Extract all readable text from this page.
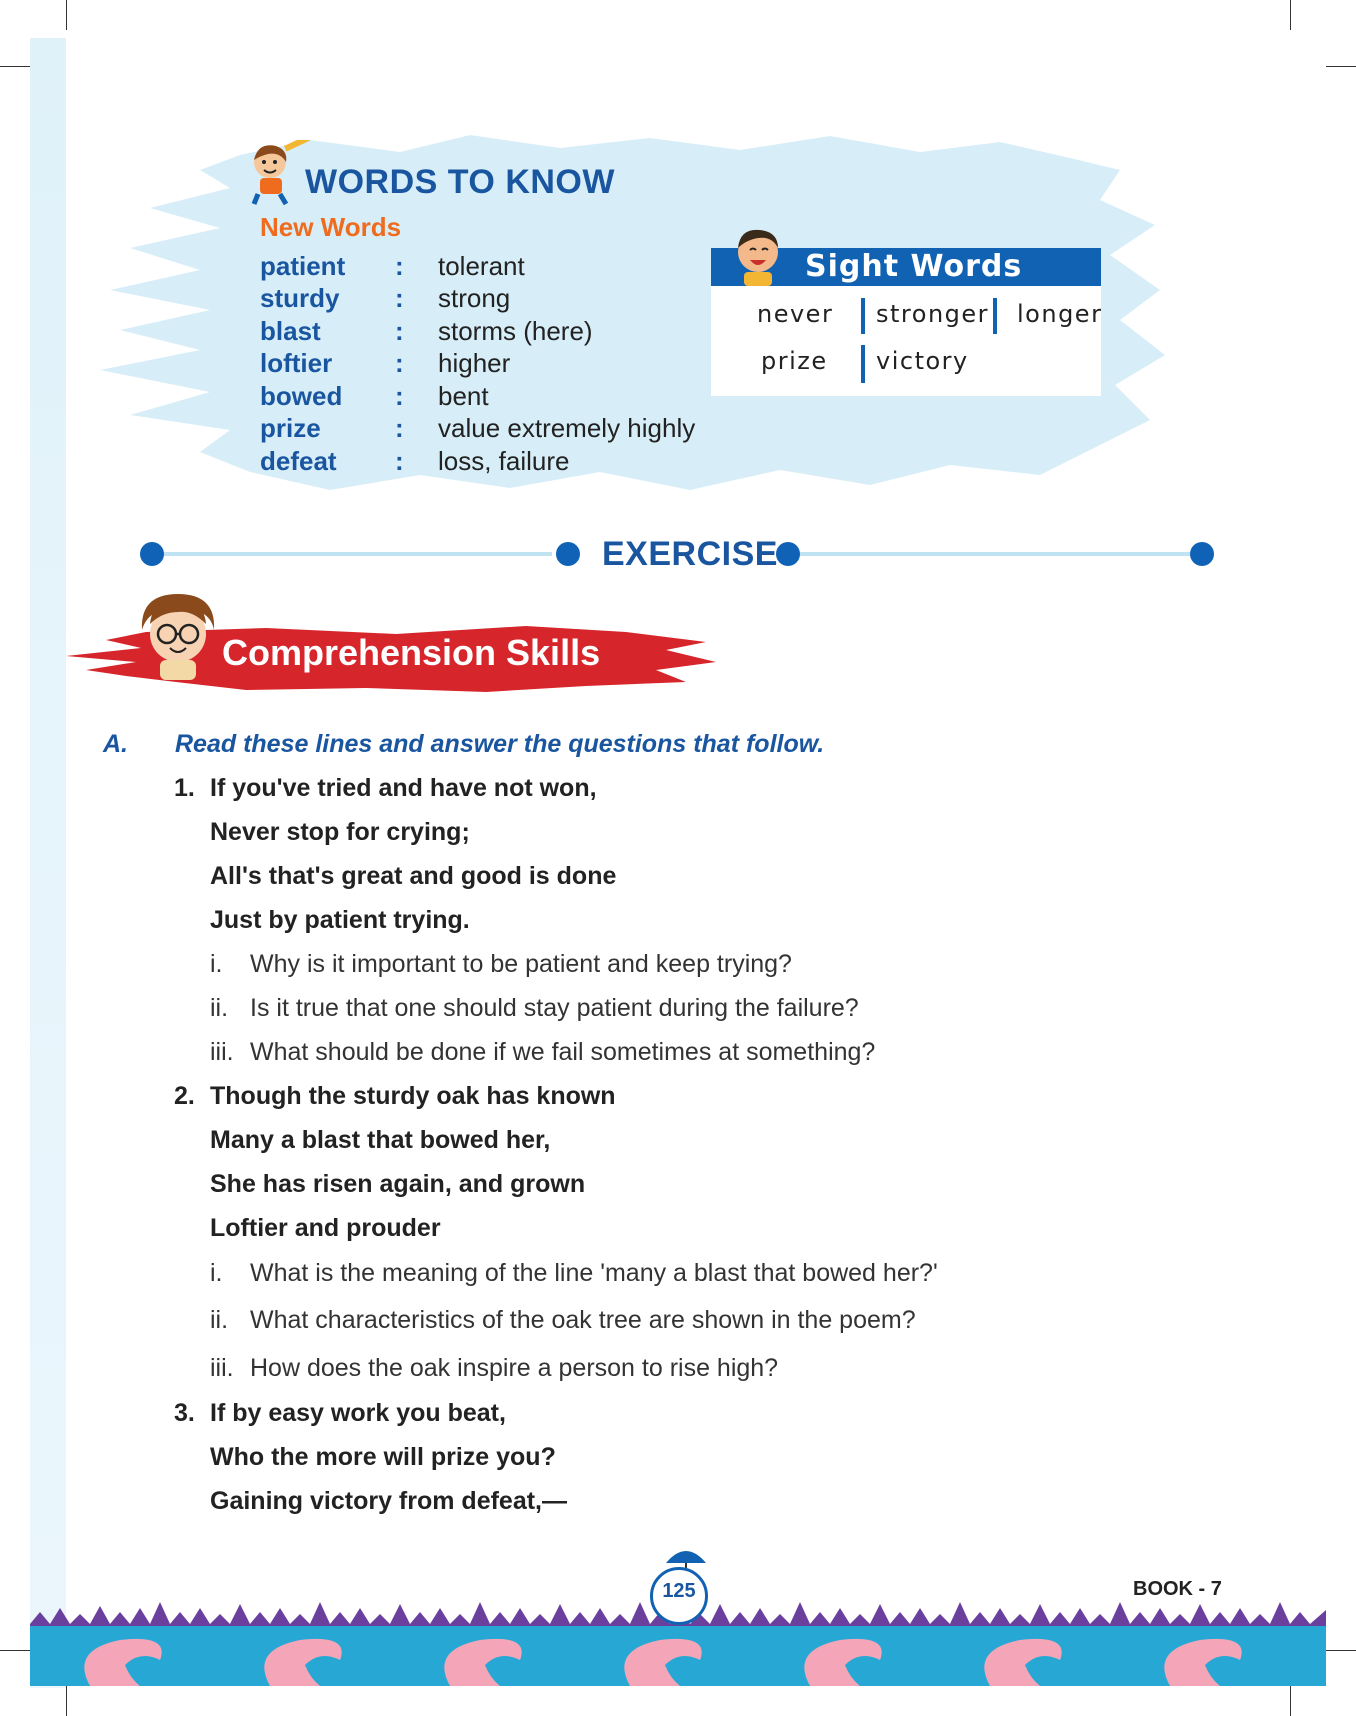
WORDS TO KNOW
New Words
patient	:	tolerant
sturdy	:	strong
blast	:	storms (here)
loftier	:	higher
bowed	:	bent
prize	:	value extremely highly
defeat	:	loss, failure
Sight Words
never stronger longer
prize victory
EXERCISE
Comprehension Skills
A. Read these lines and answer the questions that follow.
1. If you've tried and have not won,
Never stop for crying;
All's that's great and good is done
Just by patient trying.
i. Why is it important to be patient and keep trying?
ii. Is it true that one should stay patient during the failure?
iii. What should be done if we fail sometimes at something?
2. Though the sturdy oak has known
Many a blast that bowed her,
She has risen again, and grown
Loftier and prouder
i. What is the meaning of the line 'many a blast that bowed her?'
ii. What characteristics of the oak tree are shown in the poem?
iii. How does the oak inspire a person to rise high?
3. If by easy work you beat,
Who the more will prize you?
Gaining victory from defeat,—
125	BOOK - 7
